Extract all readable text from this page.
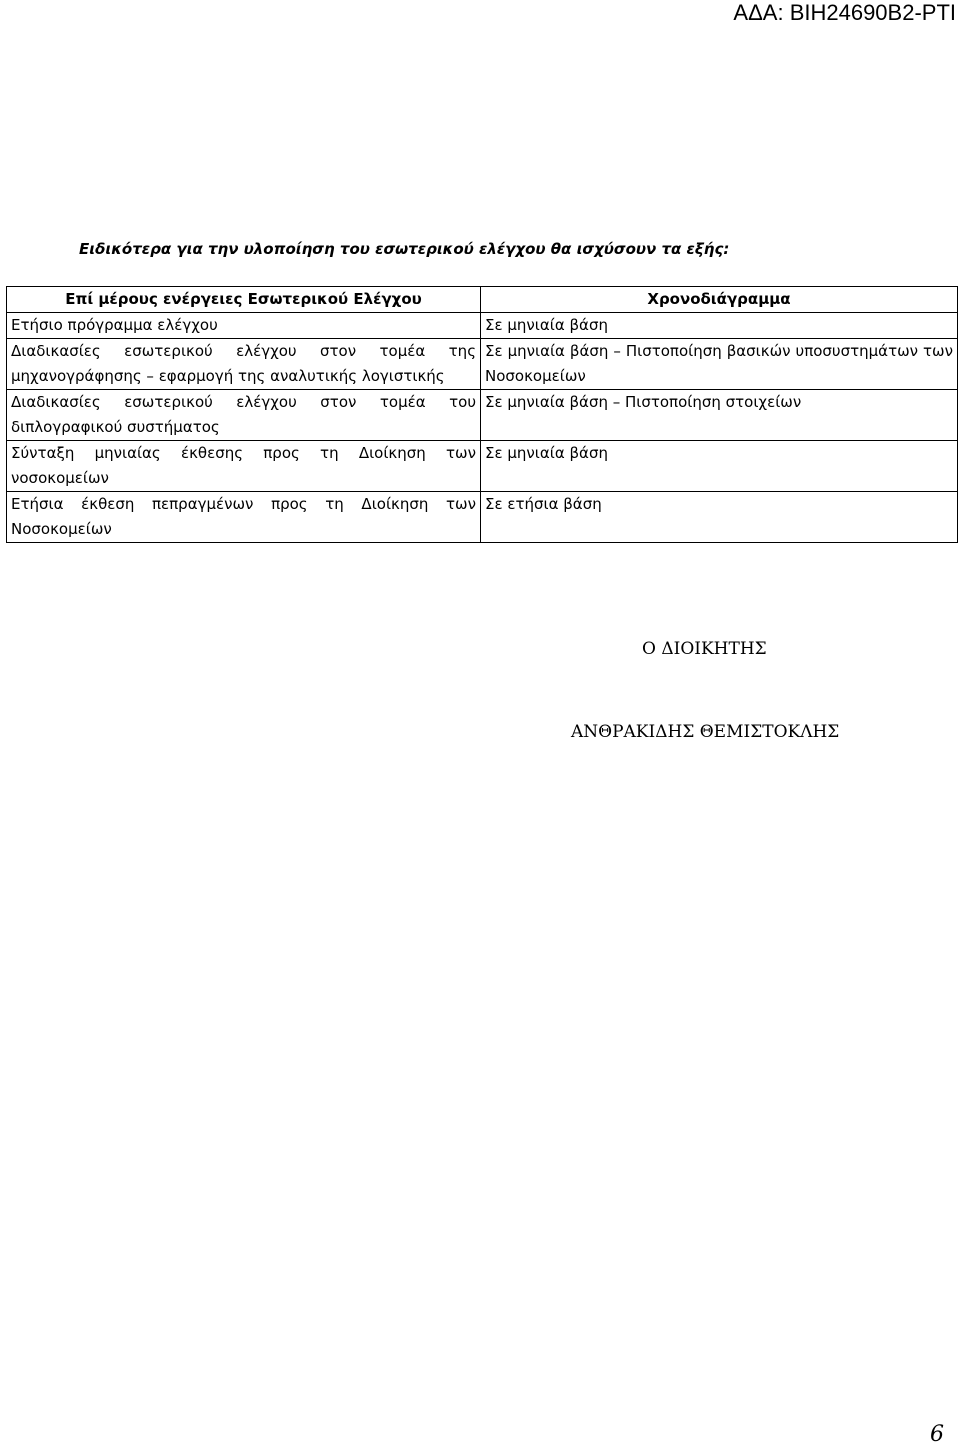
ΑΔΑ: ΒΙΗ24690Β2-ΡΤΙ
Ειδικότερα για την υλοποίηση του εσωτερικού ελέγχου θα ισχύσουν τα εξής:
Επί μέρους ενέργειες Εσωτερικού Ελέγχου	Χρονοδιάγραμμα
Ετήσιο πρόγραμμα ελέγχου	Σε μηνιαία βάση
Διαδικασίες εσωτερικού ελέγχου στον τομέα της μηχανογράφησης – εφαρμογή της αναλυτικής λογιστικής	Σε μηνιαία βάση – Πιστοποίηση βασικών υποσυστημάτων των Νοσοκομείων
Διαδικασίες εσωτερικού ελέγχου στον τομέα του διπλογραφικού συστήματος	Σε μηνιαία βάση – Πιστοποίηση στοιχείων
Σύνταξη μηνιαίας έκθεσης προς τη Διοίκηση των νοσοκομείων	Σε μηνιαία βάση
Ετήσια έκθεση πεπραγμένων προς τη Διοίκηση των Νοσοκομείων	Σε ετήσια βάση
Ο ΔΙΟΙΚΗΤΗΣ
ΑΝΘΡΑΚΙΔΗΣ ΘΕΜΙΣΤΟΚΛΗΣ
6
